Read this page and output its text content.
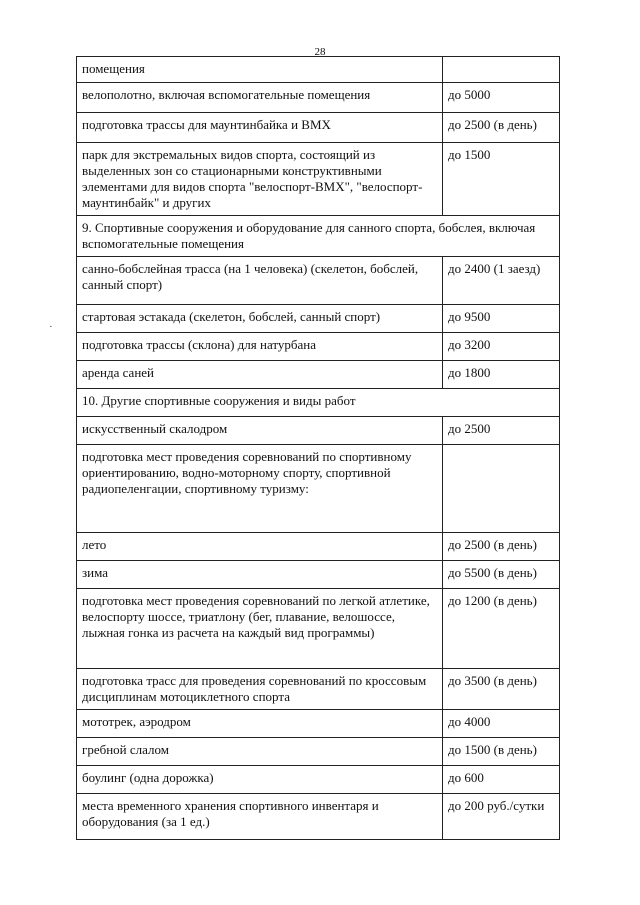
28
·
помещения	
велополотно, включая вспомогательные помещения	до 5000
подготовка трассы для маунтинбайка и BMX	до 2500 (в день)
парк для экстремальных видов спорта, состоящий из выделенных зон со стационарными конструктивными элементами для видов спорта "велоспорт-BMX", "велоспорт-маунтинбайк" и других	до 1500
9. Спортивные сооружения и оборудование для санного спорта, бобслея, включая вспомогательные помещения	
санно-бобслейная трасса (на 1 человека) (скелетон, бобслей, санный спорт)	до 2400 (1 заезд)
стартовая эстакада (скелетон, бобслей, санный спорт)	до 9500
подготовка трассы (склона) для натурбана	до 3200
аренда саней	до 1800
10. Другие спортивные сооружения и виды работ	
искусственный скалодром	до 2500
подготовка мест проведения соревнований по спортивному ориентированию, водно-моторному спорту, спортивной радиопеленгации, спортивному туризму:	
лето	до 2500 (в день)
зима	до 5500 (в день)
подготовка мест проведения соревнований по легкой атлетике, велоспорту шоссе, триатлону (бег, плавание, велошоссе, лыжная гонка из расчета на каждый вид программы)	до 1200 (в день)
подготовка трасс для проведения соревнований по кроссовым дисциплинам мотоциклетного спорта	до 3500 (в день)
мототрек, аэродром	до 4000
гребной слалом	до 1500 (в день)
боулинг (одна дорожка)	до 600
места временного хранения спортивного инвентаря и оборудования (за 1 ед.)	до 200 руб./сутки
